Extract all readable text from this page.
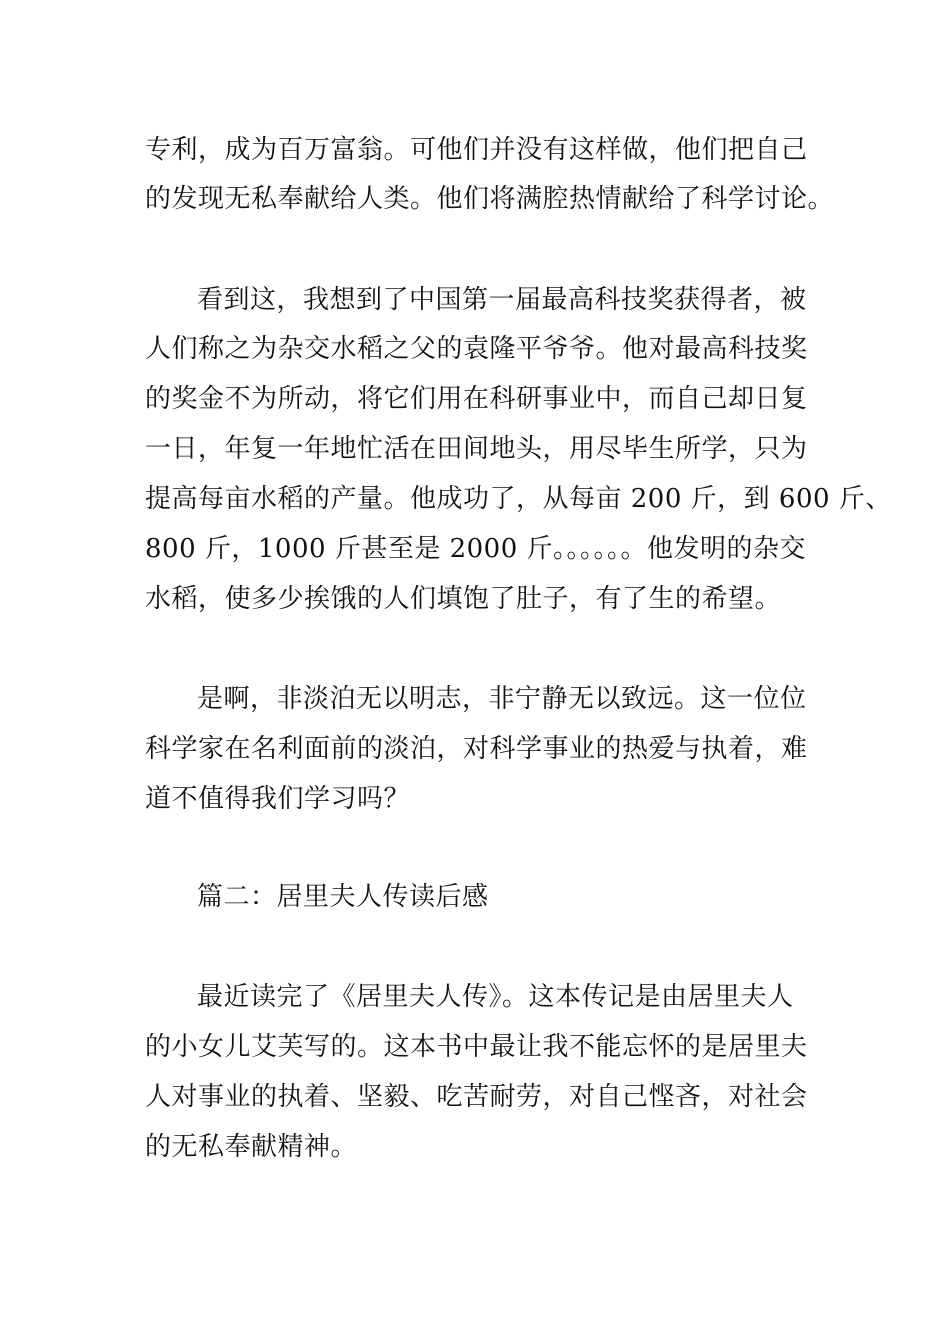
专利，成为百万富翁。可他们并没有这样做，他们把自己
的发现无私奉献给人类。他们将满腔热情献给了科学讨论。
看到这，我想到了中国第一届最高科技奖获得者，被
人们称之为杂交水稻之父的袁隆平爷爷。他对最高科技奖
的奖金不为所动，将它们用在科研事业中，而自己却日复
一日，年复一年地忙活在田间地头，用尽毕生所学，只为
提高每亩水稻的产量。他成功了，从每亩 200 斤，到 600 斤、
800 斤，1000 斤甚至是 2000 斤。。。。。。他发明的杂交
水稻，使多少挨饿的人们填饱了肚子，有了生的希望。
是啊，非淡泊无以明志，非宁静无以致远。这一位位
科学家在名利面前的淡泊，对科学事业的热爱与执着，难
道不值得我们学习吗？
篇二：居里夫人传读后感
最近读完了《居里夫人传》。这本传记是由居里夫人
的小女儿艾芙写的。这本书中最让我不能忘怀的是居里夫
人对事业的执着、坚毅、吃苦耐劳，对自己悭吝，对社会
的无私奉献精神。
